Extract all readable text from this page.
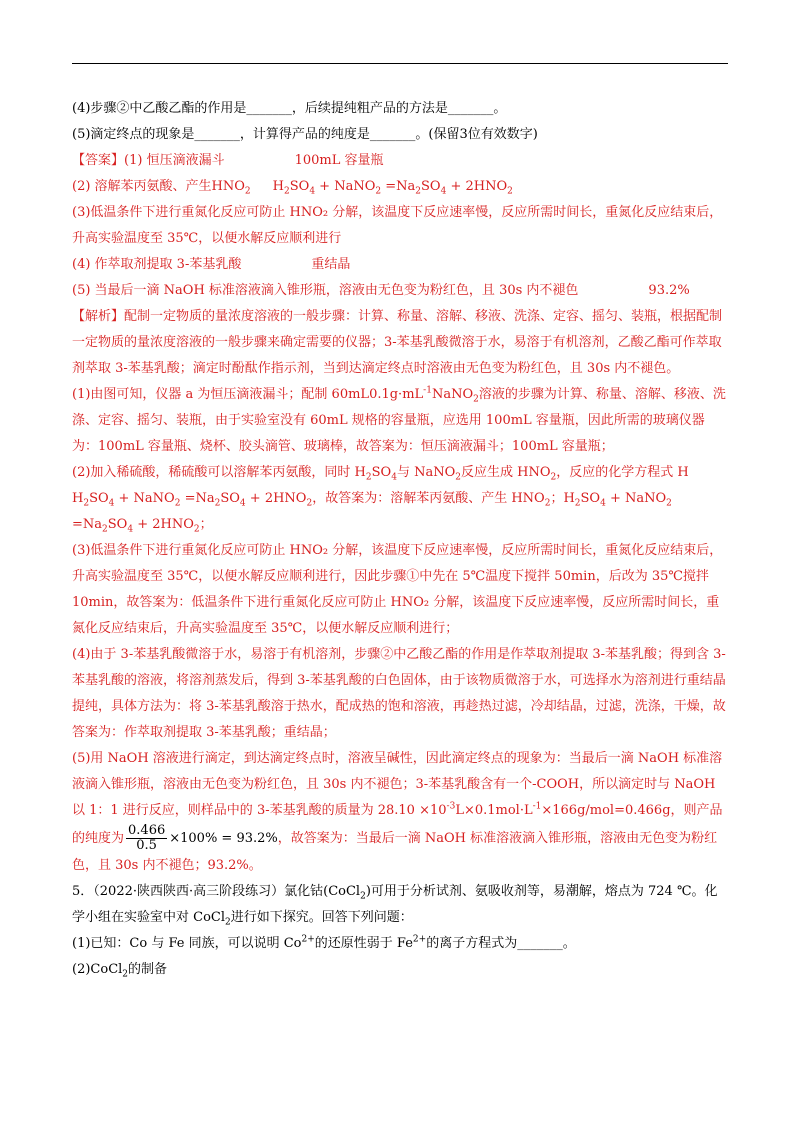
(4)步骤②中乙酸乙酯的作用是_______，后续提纯粗产品的方法是_______。

(5)滴定终点的现象是_______，计算得产品的纯度是_______。(保留3位有效数字)

【答案】(1) 恒压滴液漏斗	100mL 容量瓶

(2) 溶解苯丙氨酸、产生$HNO_2$ $H_2SO_4$ + NaNO$_2$ $=Na_2SO_4 + 2HNO_2$

(3)低温条件下进行重氮化反应可防止 HNO₂ 分解，该温度下反应速率慢，反应所需时间长，重氮化反应结束后，升高实验温度至 35℃，以便水解反应顺利进行

(4) 作萃取剂提取 3-苯基乳酸	重结晶

(5) 当最后一滴 NaOH 标准溶液滴入锥形瓶，溶液由无色变为粉红色，且 30s 内不褪色	93.2%

【解析】配制一定物质的量浓度溶液的一般步骤：计算、称量、溶解、移液、洗涤、定容、摇匀、装瓶，根据配制一定物质的量浓度溶液的一般步骤来确定需要的仪器；3-苯基乳酸微溶于水，易溶于有机溶剂，乙酸乙酯可作萃取剂萃取 3-苯基乳酸；滴定时酚酞作指示剂，当到达滴定终点时溶液由无色变为粉红色，且 30s 内不褪色。

(1)由图可知，仪器 a 为恒压滴液漏斗；配制 $60mL0.1g\cdot mL^{-1}NaNO_2$溶液的步骤为计算、称量、溶解、移液、洗涤、定容、摇匀、装瓶，由于实验室没有 60mL 规格的容量瓶，应选用 100mL 容量瓶，因此所需的玻璃仪器为：100mL 容量瓶、烧杯、胶头滴管、玻璃棒，故答案为：恒压滴液漏斗；100mL 容量瓶；

(2)加入稀硫酸，稀硫酸可以溶解苯丙氨酸，同时 $H_2SO_4$与 NaNO$_2$反应生成 $HNO_2$，反应的化学方程式 H
$H_2SO_4$ + NaNO$_2$ $=Na_2SO_4 + 2HNO_2$，故答案为：溶解苯丙氨酸、产生 $HNO_2$；$H_2SO_4$ + NaNO$_2$ $=Na_2SO_4 + 2HNO_2$；

(3)低温条件下进行重氮化反应可防止 HNO₂ 分解，该温度下反应速率慢，反应所需时间长，重氮化反应结束后，升高实验温度至 35℃，以便水解反应顺利进行，因此步骤①中先在 5℃温度下搅拌 50min，后改为 35℃搅拌 10min，故答案为：低温条件下进行重氮化反应可防止 HNO₂ 分解，该温度下反应速率慢，反应所需时间长，重氮化反应结束后，升高实验温度至 35℃，以便水解反应顺利进行；

(4)由于 3-苯基乳酸微溶于水，易溶于有机溶剂，步骤②中乙酸乙酯的作用是作萃取剂提取 3-苯基乳酸；得到含 3-苯基乳酸的溶液，将溶剂蒸发后，得到 3-苯基乳酸的白色固体，由于该物质微溶于水，可选择水为溶剂进行重结晶提纯，具体方法为：将 3-苯基乳酸溶于热水，配成热的饱和溶液，再趁热过滤，冷却结晶，过滤，洗涤，干燥，故答案为：作萃取剂提取 3-苯基乳酸；重结晶；

(5)用 NaOH 溶液进行滴定，到达滴定终点时，溶液呈碱性，因此滴定终点的现象为：当最后一滴 NaOH 标准溶液滴入锥形瓶，溶液由无色变为粉红色，且 30s 内不褪色；3-苯基乳酸含有一个-COOH，所以滴定时与 NaOH 以 1：1 进行反应，则样品中的 3-苯基乳酸的质量为 $28.10 \times 10^{-3}L\times 0.1mol\cdot L^{-1}\times 166g/mol=0.466g$，则产品的纯度为 $\frac{0.466}{0.5} \times 100\% = 93.2\%$，故答案为：当最后一滴 NaOH 标准溶液滴入锥形瓶，溶液由无色变为粉红色，且 30s 内不褪色；93.2%。

5．（2022·陕西陕西·高三阶段练习）氯化钴(CoCl$_2$)可用于分析试剂、氨吸收剂等，易潮解，熔点为 724 ℃。化学小组在实验室中对 CoCl$_2$进行如下探究。回答下列问题：

(1)已知：Co 与 Fe 同族，可以说明 $Co^{2+}$的还原性弱于 $Fe^{2+}$的离子方程式为_______。

(2)CoCl$_2$的制备
